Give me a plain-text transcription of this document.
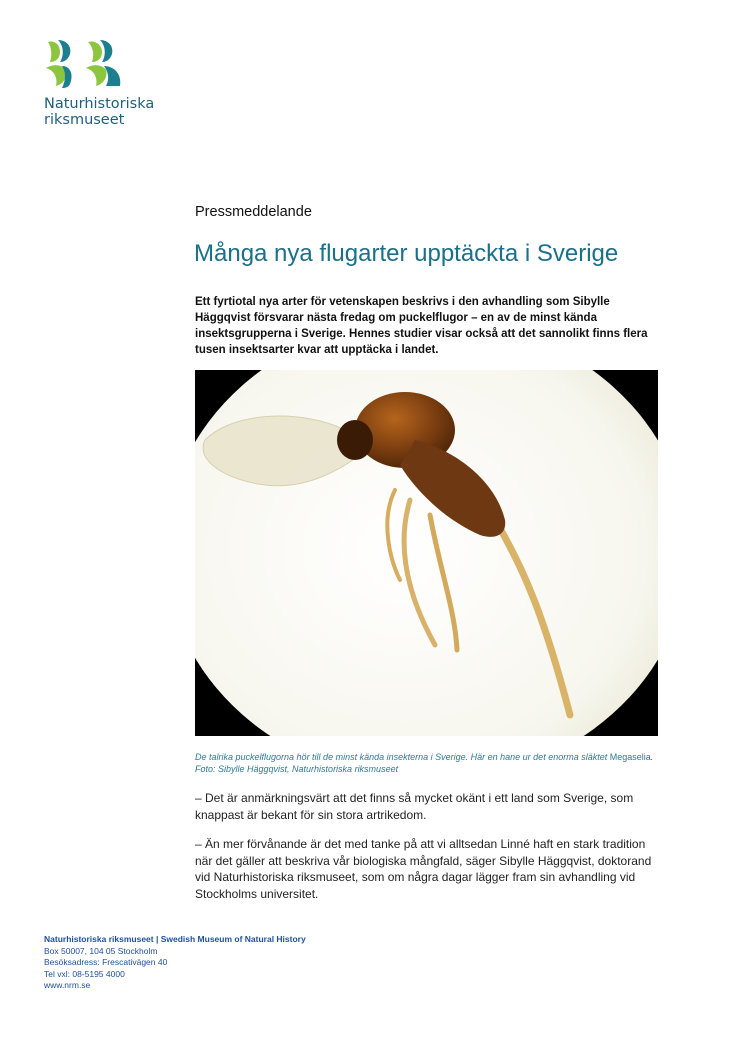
Naturhistoriska
riksmuseet
Pressmeddelande
Många nya flugarter upptäckta i Sverige

Ett fyrtiotal nya arter för vetenskapen beskrivs i den avhandling som Sibylle Häggqvist försvarar nästa fredag om puckelflugor – en av de minst kända insektsgrupperna i Sverige. Hennes studier visar också att det sannolikt finns flera tusen insektsarter kvar att upptäcka i landet.

De talrika puckelflugorna hör till de minst kända insekterna i Sverige. Här en hane ur det enorma släktet Megaselia. Foto: Sibylle Häggqvist, Naturhistoriska riksmuseet

– Det är anmärkningsvärt att det finns så mycket okänt i ett land som Sverige, som knappast är bekant för sin stora artrikedom.

– Än mer förvånande är det med tanke på att vi alltsedan Linné haft en stark tradition när det gäller att beskriva vår biologiska mångfald, säger Sibylle Häggqvist, doktorand vid Naturhistoriska riksmuseet, som om några dagar lägger fram sin avhandling vid Stockholms universitet.

Naturhistoriska riksmuseet | Swedish Museum of Natural History
Box 50007, 104 05 Stockholm
Besöksadress: Frescativägen 40
Tel vxl: 08-5195 4000
www.nrm.se
